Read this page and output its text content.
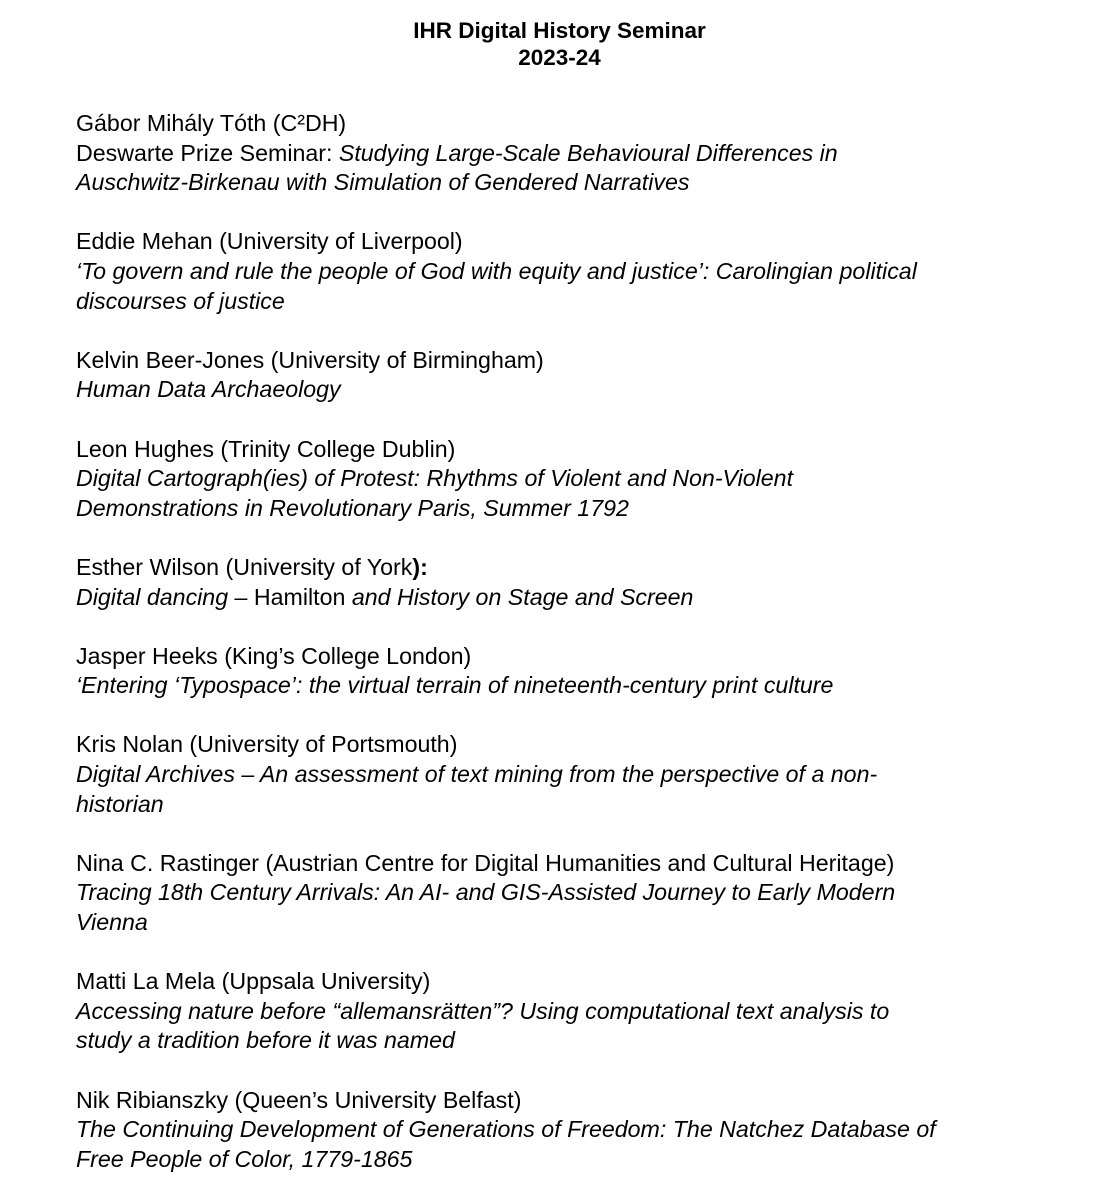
IHR Digital History Seminar
2023-24
Gábor Mihály Tóth (C²DH)
Deswarte Prize Seminar: Studying Large-Scale Behavioural Differences in
Auschwitz-Birkenau with Simulation of Gendered Narratives
Eddie Mehan (University of Liverpool)
‘To govern and rule the people of God with equity and justice’: Carolingian political
discourses of justice
Kelvin Beer-Jones (University of Birmingham)
Human Data Archaeology
Leon Hughes (Trinity College Dublin)
Digital Cartograph(ies) of Protest: Rhythms of Violent and Non-Violent
Demonstrations in Revolutionary Paris, Summer 1792
Esther Wilson (University of York):
Digital dancing – Hamilton and History on Stage and Screen
Jasper Heeks (King’s College London)
‘Entering ‘Typospace’: the virtual terrain of nineteenth-century print culture
Kris Nolan (University of Portsmouth)
Digital Archives – An assessment of text mining from the perspective of a non-
historian
Nina C. Rastinger (Austrian Centre for Digital Humanities and Cultural Heritage)
Tracing 18th Century Arrivals: An AI- and GIS-Assisted Journey to Early Modern
Vienna
Matti La Mela (Uppsala University)
Accessing nature before “allemansrätten”? Using computational text analysis to
study a tradition before it was named
Nik Ribianszky (Queen’s University Belfast)
The Continuing Development of Generations of Freedom: The Natchez Database of
Free People of Color, 1779-1865
